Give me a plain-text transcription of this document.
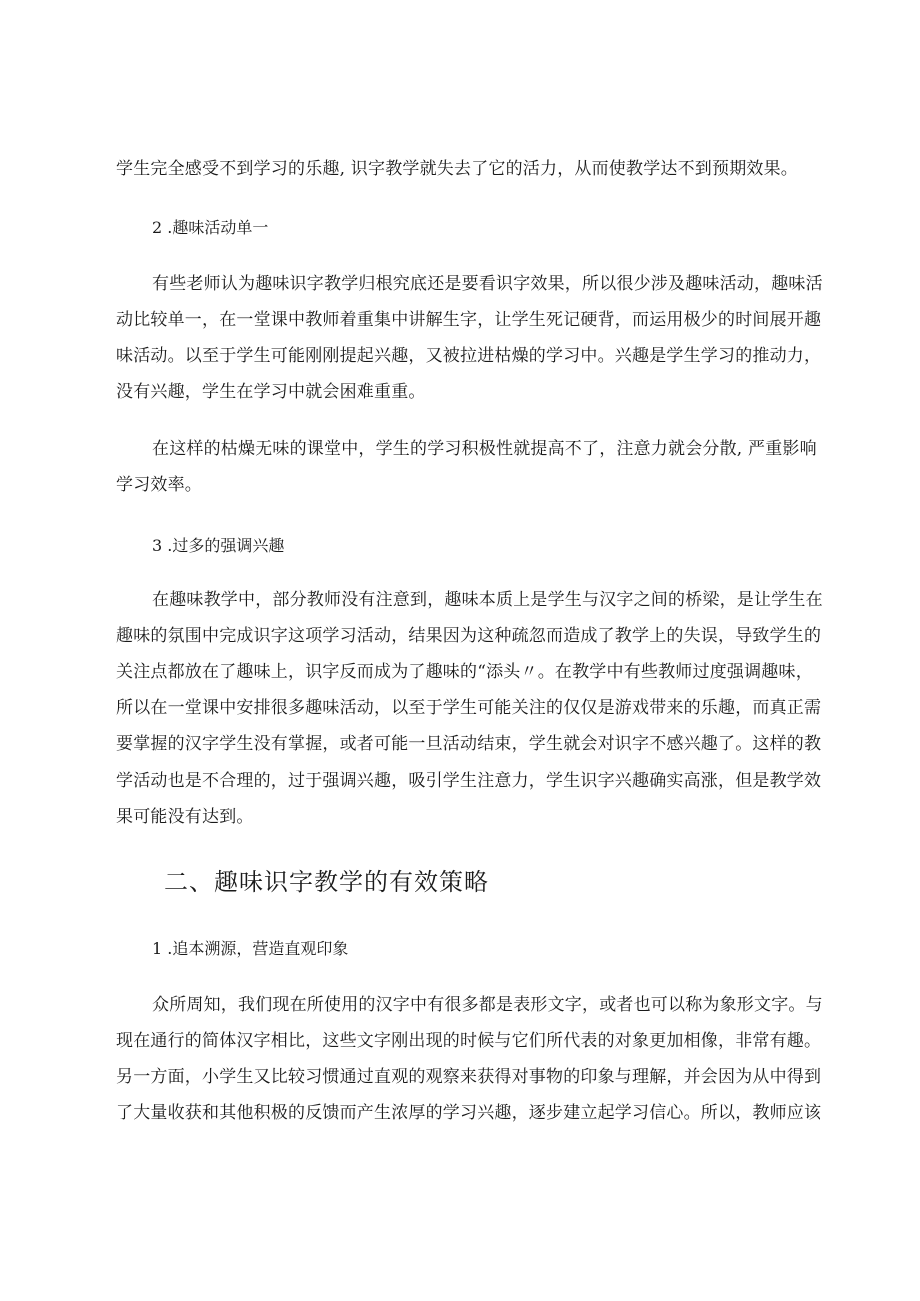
学生完全感受不到学习的乐趣, 识字教学就失去了它的活力，从而使教学达不到预期效果。
2 .趣味活动单一
有些老师认为趣味识字教学归根究底还是要看识字效果，所以很少涉及趣味活动，趣味活
动比较单一，在一堂课中教师着重集中讲解生字，让学生死记硬背，而运用极少的时间展开趣
味活动。以至于学生可能刚刚提起兴趣，又被拉进枯燥的学习中。兴趣是学生学习的推动力，
没有兴趣，学生在学习中就会困难重重。
在这样的枯燥无味的课堂中，学生的学习积极性就提高不了，注意力就会分散, 严重影响
学习效率。
3 .过多的强调兴趣
在趣味教学中，部分教师没有注意到，趣味本质上是学生与汉字之间的桥梁，是让学生在
趣味的氛围中完成识字这项学习活动，结果因为这种疏忽而造成了教学上的失误，导致学生的
关注点都放在了趣味上，识字反而成为了趣味的“添头〃。在教学中有些教师过度强调趣味，
所以在一堂课中安排很多趣味活动，以至于学生可能关注的仅仅是游戏带来的乐趣，而真正需
要掌握的汉字学生没有掌握，或者可能一旦活动结束，学生就会对识字不感兴趣了。这样的教
学活动也是不合理的，过于强调兴趣，吸引学生注意力，学生识字兴趣确实高涨，但是教学效
果可能没有达到。
二、趣味识字教学的有效策略
1 .追本溯源，营造直观印象
众所周知，我们现在所使用的汉字中有很多都是表形文字，或者也可以称为象形文字。与
现在通行的简体汉字相比，这些文字刚出现的时候与它们所代表的对象更加相像，非常有趣。
另一方面，小学生又比较习惯通过直观的观察来获得对事物的印象与理解，并会因为从中得到
了大量收获和其他积极的反馈而产生浓厚的学习兴趣，逐步建立起学习信心。所以，教师应该
